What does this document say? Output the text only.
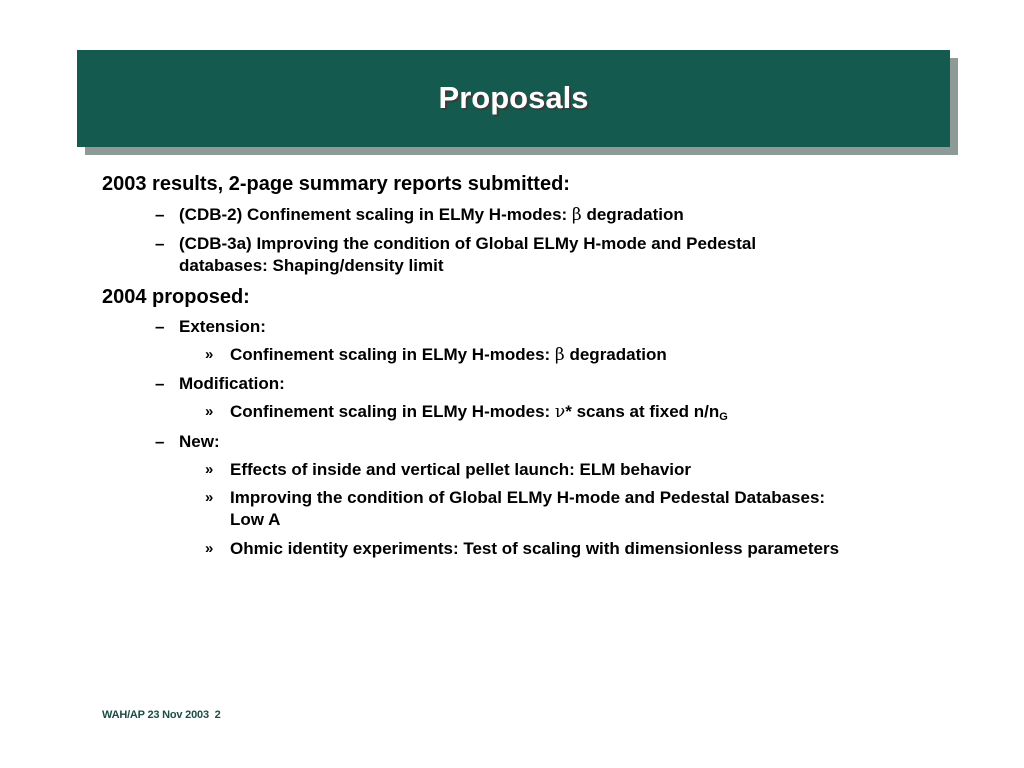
Proposals
2003 results, 2-page summary reports submitted:
– (CDB-2) Confinement scaling in ELMy H-modes: β degradation
– (CDB-3a) Improving the condition of Global ELMy H-mode and Pedestal
databases: Shaping/density limit
2004 proposed:
– Extension:
» Confinement scaling in ELMy H-modes: β degradation
– Modification:
» Confinement scaling in ELMy H-modes: ν* scans at fixed $n/n_G$
– New:
» Effects of inside and vertical pellet launch: ELM behavior
» Improving the condition of Global ELMy H-mode and Pedestal Databases:
Low A
» Ohmic identity experiments: Test of scaling with dimensionless parameters
WAH/AP 23 Nov 2003 2
